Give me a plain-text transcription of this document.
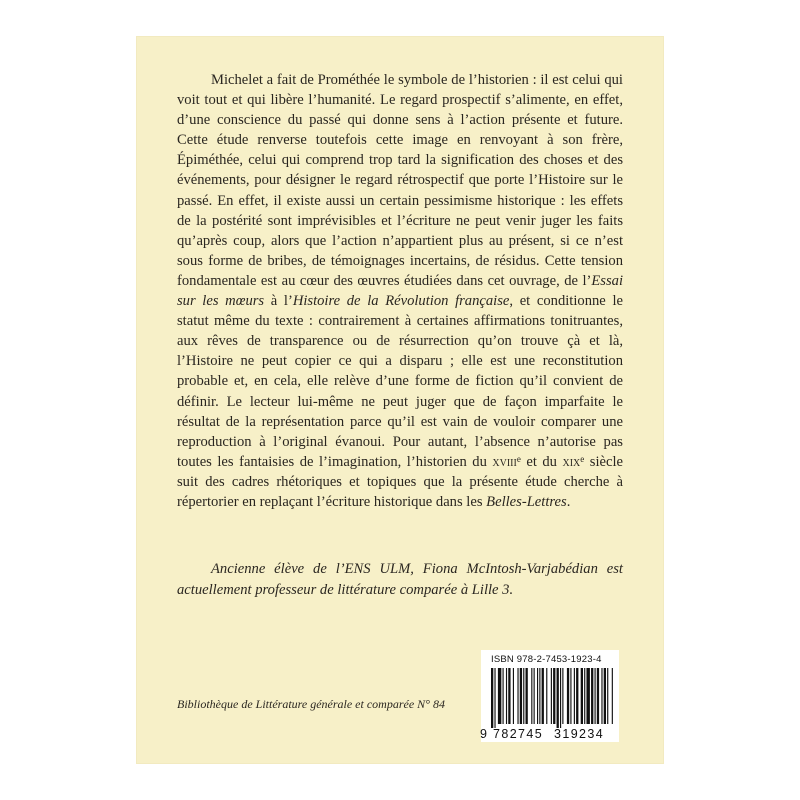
Michelet a fait de Prométhée le symbole de l’historien : il est celui qui voit tout et qui libère l’humanité. Le regard prospectif s’alimente, en effet, d’une conscience du passé qui donne sens à l’action présente et future. Cette étude renverse toutefois cette image en renvoyant à son frère, Épiméthée, celui qui comprend trop tard la signification des choses et des événements, pour désigner le regard rétrospectif que porte l’Histoire sur le passé. En effet, il existe aussi un certain pessimisme historique : les effets de la postérité sont imprévisibles et l’écriture ne peut venir juger les faits qu’après coup, alors que l’action n’appartient plus au présent, si ce n’est sous forme de bribes, de témoignages incertains, de résidus. Cette tension fondamentale est au cœur des œuvres étudiées dans cet ouvrage, de l’Essai sur les mœurs à l’Histoire de la Révolution française, et conditionne le statut même du texte : contrairement à certaines affirmations tonitruantes, aux rêves de transparence ou de résurrection qu’on trouve çà et là, l’Histoire ne peut copier ce qui a disparu ; elle est une reconstitution probable et, en cela, elle relève d’une forme de fiction qu’il convient de définir. Le lecteur lui-même ne peut juger que de façon imparfaite le résultat de la représentation parce qu’il est vain de vouloir comparer une reproduction à l’original évanoui. Pour autant, l’absence n’autorise pas toutes les fantaisies de l’imagination, l’historien du xviii$^e$ et du xix$^e$ siècle suit des cadres rhétoriques et topiques que la présente étude cherche à répertorier en replaçant l’écriture historique dans les Belles-Lettres.

Ancienne élève de l’ENS ULM, Fiona McIntosh-Varjabédian est actuellement professeur de littérature comparée à Lille 3.

ISBN 978-2-7453-1923-4
9 782745 319234
Bibliothèque de Littérature générale et comparée N° 84
